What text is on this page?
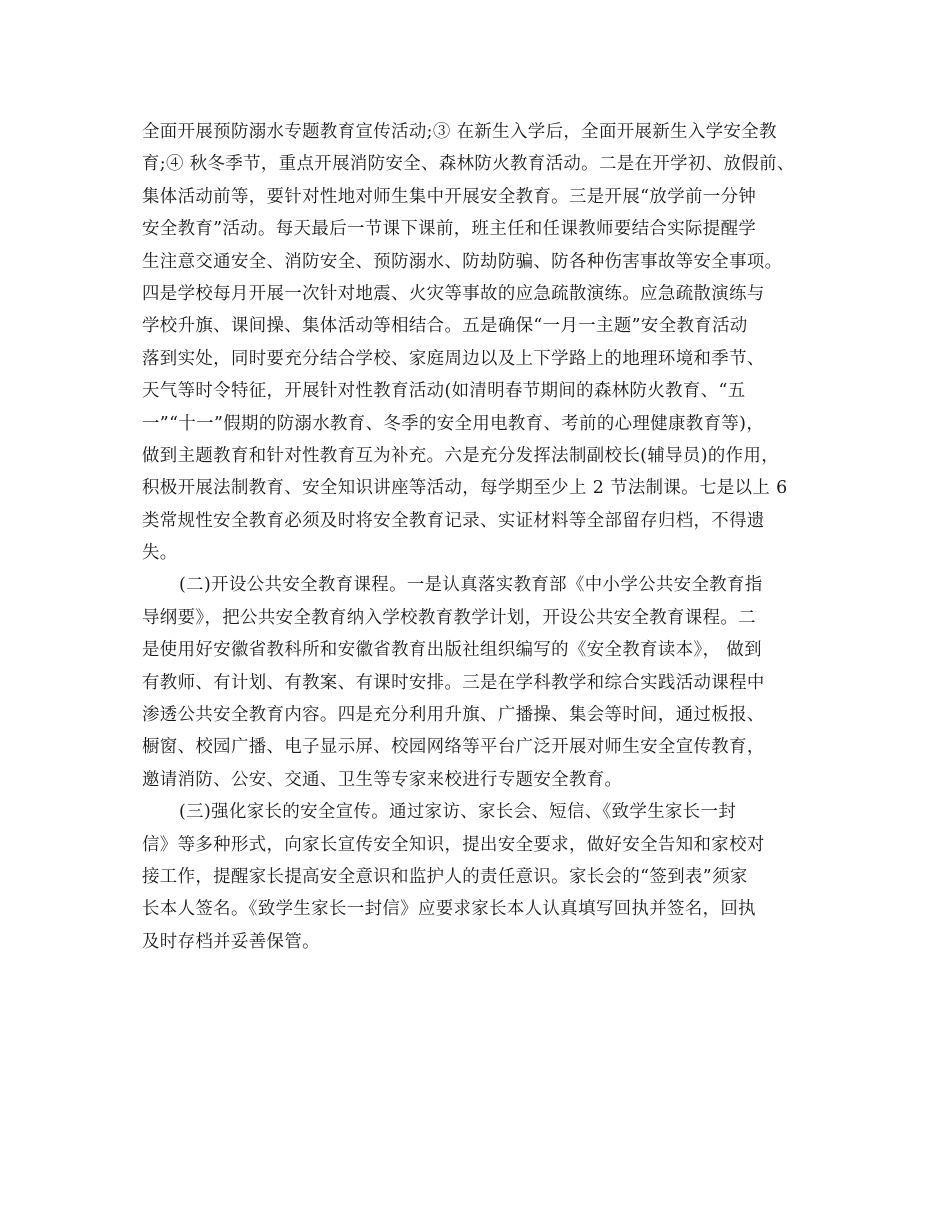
全面开展预防溺水专题教育宣传活动;③ 在新生入学后，全面开展新生入学安全教
育;④ 秋冬季节，重点开展消防安全、森林防火教育活动。二是在开学初、放假前、
集体活动前等，要针对性地对师生集中开展安全教育。三是开展“放学前一分钟
安全教育”活动。每天最后一节课下课前，班主任和任课教师要结合实际提醒学
生注意交通安全、消防安全、预防溺水、防劫防骗、防各种伤害事故等安全事项。
四是学校每月开展一次针对地震、火灾等事故的应急疏散演练。应急疏散演练与
学校升旗、课间操、集体活动等相结合。五是确保“一月一主题”安全教育活动
落到实处，同时要充分结合学校、家庭周边以及上下学路上的地理环境和季节、
天气等时令特征，开展针对性教育活动(如清明春节期间的森林防火教育、“五
一”“十一”假期的防溺水教育、冬季的安全用电教育、考前的心理健康教育等)，
做到主题教育和针对性教育互为补充。六是充分发挥法制副校长(辅导员)的作用，
积极开展法制教育、安全知识讲座等活动，每学期至少上 2 节法制课。七是以上 6
类常规性安全教育必须及时将安全教育记录、实证材料等全部留存归档，不得遗
失。
(二)开设公共安全教育课程。一是认真落实教育部《中小学公共安全教育指
导纲要》，把公共安全教育纳入学校教育教学计划，开设公共安全教育课程。二
是使用好安徽省教科所和安徽省教育出版社组织编写的《安全教育读本》， 做到
有教师、有计划、有教案、有课时安排。三是在学科教学和综合实践活动课程中
渗透公共安全教育内容。四是充分利用升旗、广播操、集会等时间，通过板报、
橱窗、校园广播、电子显示屏、校园网络等平台广泛开展对师生安全宣传教育，
邀请消防、公安、交通、卫生等专家来校进行专题安全教育。
(三)强化家长的安全宣传。通过家访、家长会、短信、《致学生家长一封
信》等多种形式，向家长宣传安全知识，提出安全要求，做好安全告知和家校对
接工作，提醒家长提高安全意识和监护人的责任意识。家长会的“签到表”须家
长本人签名。《致学生家长一封信》应要求家长本人认真填写回执并签名，回执
及时存档并妥善保管。
